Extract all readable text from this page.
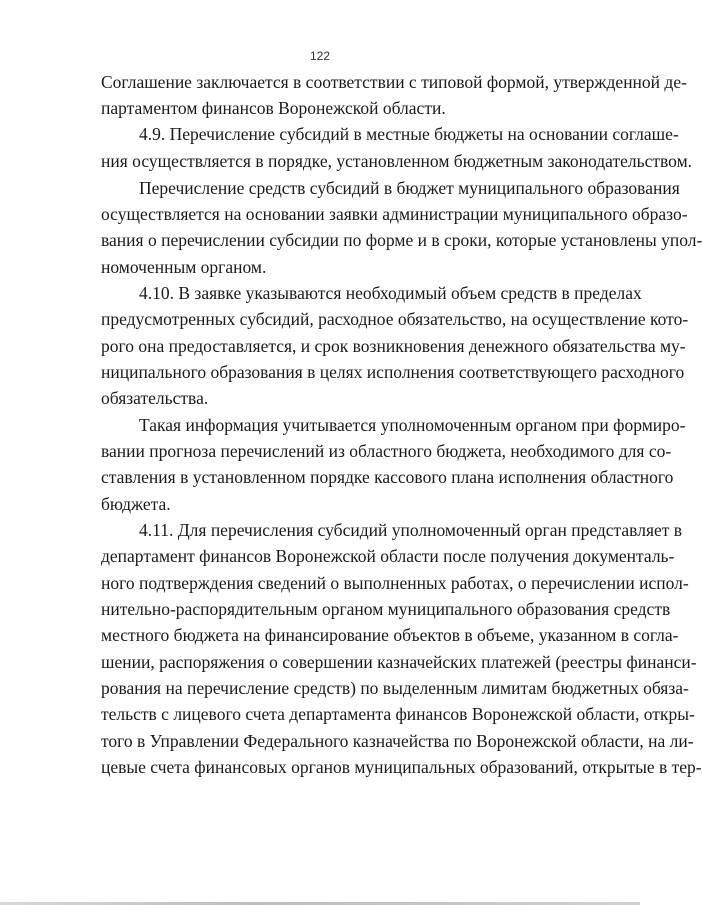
122
Соглашение заключается в соответствии с типовой формой, утвержденной де-
партаментом финансов Воронежской области.
4.9. Перечисление субсидий в местные бюджеты на основании соглаше-
ния осуществляется в порядке, установленном бюджетным законодательством.
Перечисление средств субсидий в бюджет муниципального образования
осуществляется на основании заявки администрации муниципального образо-
вания о перечислении субсидии по форме и в сроки, которые установлены упол-
номоченным органом.
4.10. В заявке указываются необходимый объем средств в пределах
предусмотренных субсидий, расходное обязательство, на осуществление кото-
рого она предоставляется, и срок возникновения денежного обязательства му-
ниципального образования в целях исполнения соответствующего расходного
обязательства.
Такая информация учитывается уполномоченным органом при формиро-
вании прогноза перечислений из областного бюджета, необходимого для со-
ставления в установленном порядке кассового плана исполнения областного
бюджета.
4.11. Для перечисления субсидий уполномоченный орган представляет в
департамент финансов Воронежской области после получения документаль-
ного подтверждения сведений о выполненных работах, о перечислении испол-
нительно-распорядительным органом муниципального образования средств
местного бюджета на финансирование объектов в объеме, указанном в согла-
шении, распоряжения о совершении казначейских платежей (реестры финанси-
рования на перечисление средств) по выделенным лимитам бюджетных обяза-
тельств с лицевого счета департамента финансов Воронежской области, откры-
того в Управлении Федерального казначейства по Воронежской области, на ли-
цевые счета финансовых органов муниципальных образований, открытые в тер-
